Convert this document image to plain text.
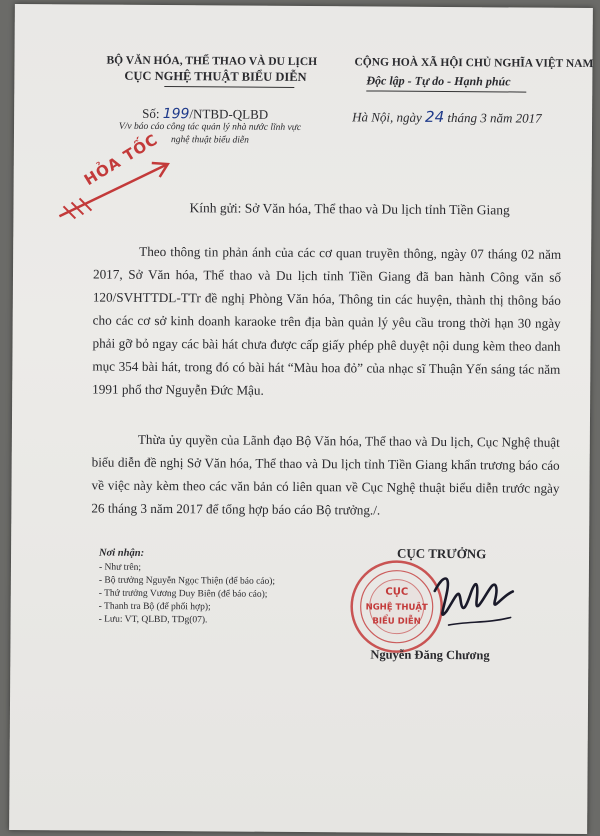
BỘ VĂN HÓA, THỂ THAO VÀ DU LỊCH
CỤC NGHỆ THUẬT BIỂU DIỄN
CỘNG HOÀ XÃ HỘI CHỦ NGHĨA VIỆT NAM
Độc lập - Tự do - Hạnh phúc
Số: 199/NTBD-QLBD
V/v báo cáo công tác quản lý nhà nước lĩnh vực nghệ thuật biểu diễn
Hà Nội, ngày 24 tháng 3 năm 2017
HỎA TỐC
Kính gửi: Sở Văn hóa, Thể thao và Du lịch tỉnh Tiền Giang

Theo thông tin phản ánh của các cơ quan truyền thông, ngày 07 tháng 02 năm 2017, Sở Văn hóa, Thể thao và Du lịch tỉnh Tiền Giang đã ban hành Công văn số 120/SVHTTDL-TTr đề nghị Phòng Văn hóa, Thông tin các huyện, thành thị thông báo cho các cơ sở kinh doanh karaoke trên địa bàn quản lý yêu cầu trong thời hạn 30 ngày phải gỡ bỏ ngay các bài hát chưa được cấp giấy phép phê duyệt nội dung kèm theo danh mục 354 bài hát, trong đó có bài hát “Màu hoa đỏ” của nhạc sĩ Thuận Yến sáng tác năm 1991 phổ thơ Nguyễn Đức Mậu.

Thừa ủy quyền của Lãnh đạo Bộ Văn hóa, Thể thao và Du lịch, Cục Nghệ thuật biểu diễn đề nghị Sở Văn hóa, Thể thao và Du lịch tỉnh Tiền Giang khẩn trương báo cáo về việc này kèm theo các văn bản có liên quan về Cục Nghệ thuật biểu diễn trước ngày 26 tháng 3 năm 2017 để tổng hợp báo cáo Bộ trưởng./.

Nơi nhận:
- Như trên;
- Bộ trưởng Nguyễn Ngọc Thiện (để báo cáo);
- Thứ trưởng Vương Duy Biên (để báo cáo);
- Thanh tra Bộ (để phối hợp);
- Lưu: VT, QLBD, TDg(07).
CỤC TRƯỞNG
CỤC
NGHỆ THUẬT
BIỂU DIỄN
Nguyễn Đăng Chương
